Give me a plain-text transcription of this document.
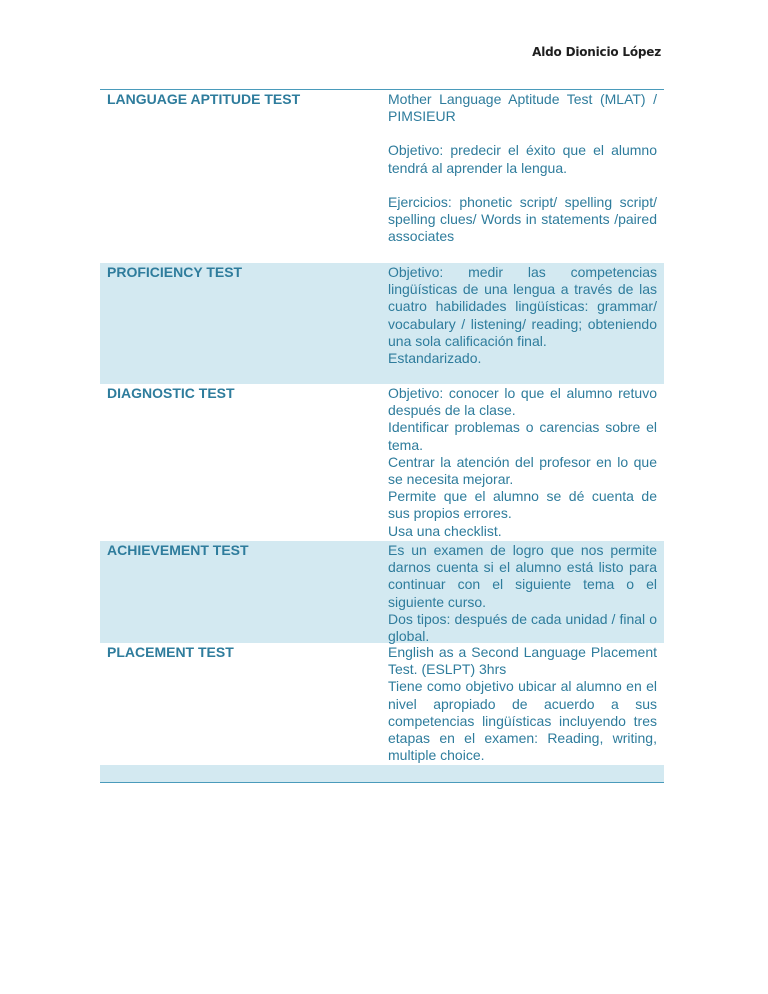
Aldo Dionicio López
LANGUAGE APTITUDE TEST	Mother Language Aptitude Test (MLAT) / PIMSIEUR

Objetivo: predecir el éxito que el alumno tendrá al aprender la lengua.

Ejercicios: phonetic script/ spelling script/ spelling clues/ Words in statements /paired associates

PROFICIENCY TEST	Objetivo: medir las competencias lingüísticas de una lengua a través de las cuatro habilidades lingüísticas: grammar/ vocabulary / listening/ reading; obteniendo una sola calificación final.

Estandarizado.

DIAGNOSTIC TEST	Objetivo: conocer lo que el alumno retuvo después de la clase.

Identificar problemas o carencias sobre el tema.

Centrar la atención del profesor en lo que se necesita mejorar.

Permite que el alumno se dé cuenta de sus propios errores.

Usa una checklist.

ACHIEVEMENT TEST	Es un examen de logro que nos permite darnos cuenta si el alumno está listo para continuar con el siguiente tema o el siguiente curso.

Dos tipos: después de cada unidad / final o global.

PLACEMENT TEST	English as a Second Language Placement Test. (ESLPT) 3hrs

Tiene como objetivo ubicar al alumno en el nivel apropiado de acuerdo a sus competencias lingüísticas incluyendo tres etapas en el examen: Reading, writing, multiple choice.
